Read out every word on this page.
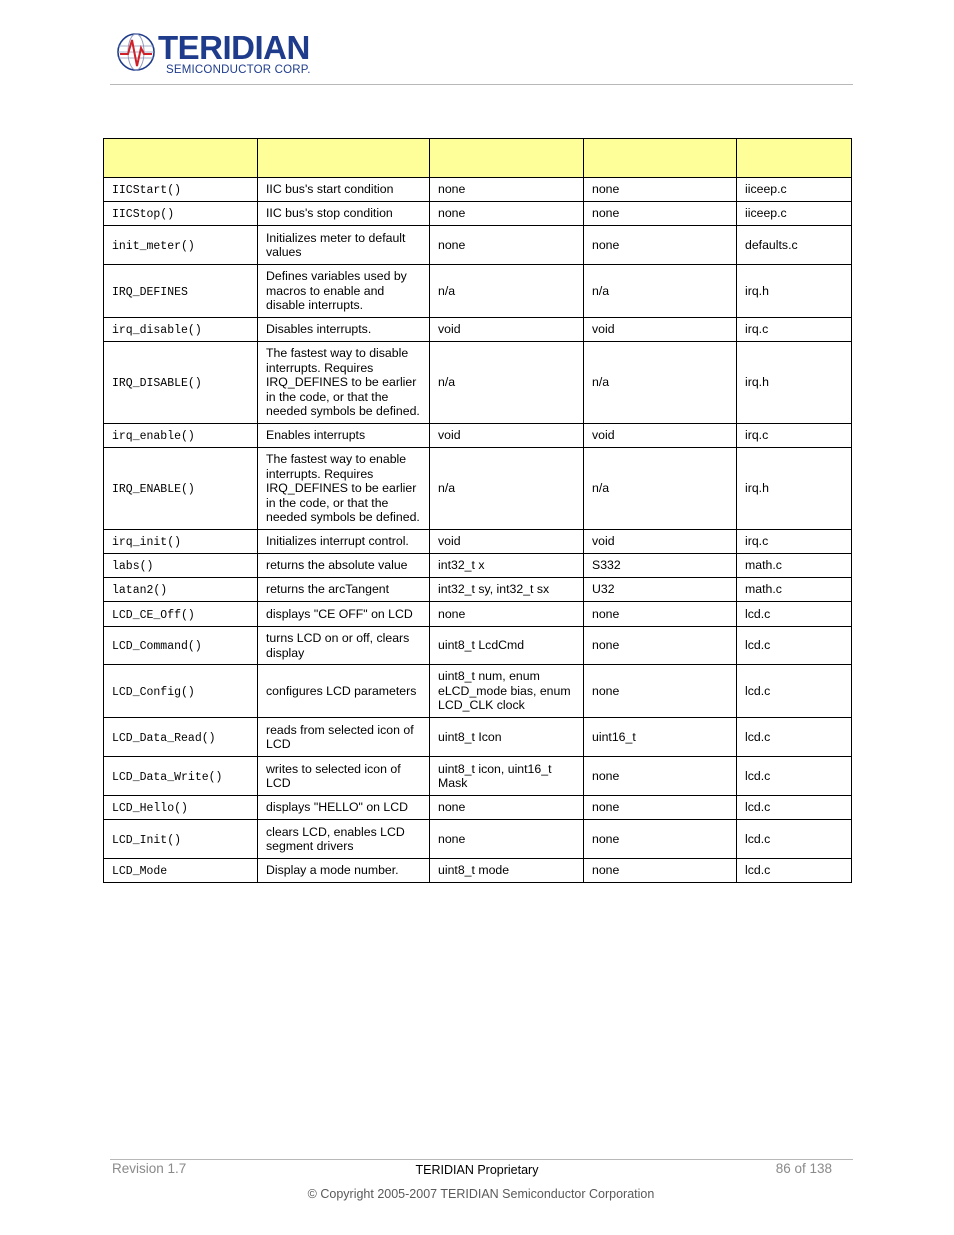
TERIDIAN
SEMICONDUCTOR CORP.

IICStart()	IIC bus's start condition	none	none	iiceep.c

IICStop()	IIC bus's stop condition	none	none	iiceep.c

init_meter()	Initializes meter to default
values	none	none	defaults.c

IRQ_DEFINES	Defines variables used by
macros to enable and
disable interrupts.	n/a	n/a	irq.h

irq_disable()	Disables interrupts.	void	void	irq.c

IRQ_DISABLE()	The fastest way to disable
interrupts. Requires
IRQ_DEFINES to be earlier
in the code, or that the
needed symbols be defined.	n/a	n/a	irq.h

irq_enable()	Enables interrupts	void	void	irq.c

IRQ_ENABLE()	The fastest way to enable
interrupts. Requires
IRQ_DEFINES to be earlier
in the code, or that the
needed symbols be defined.	n/a	n/a	irq.h

irq_init()	Initializes interrupt control.	void	void	irq.c

labs()	returns the absolute value	int32_t x	S332	math.c

latan2()	returns the arcTangent	int32_t sy, int32_t sx	U32	math.c

LCD_CE_Off()	displays "CE OFF" on LCD	none	none	lcd.c

LCD_Command()	turns LCD on or off, clears
display	uint8_t LcdCmd	none	lcd.c

LCD_Config()	configures LCD parameters	uint8_t num, enum
eLCD_mode bias, enum
LCD_CLK clock	none	lcd.c

LCD_Data_Read()	reads from selected icon of
LCD	uint8_t Icon	uint16_t	lcd.c

LCD_Data_Write()	writes to selected icon of
LCD	uint8_t icon, uint16_t
Mask	none	lcd.c

LCD_Hello()	displays "HELLO" on LCD	none	none	lcd.c

LCD_Init()	clears LCD, enables LCD
segment drivers	none	none	lcd.c

LCD_Mode	Display a mode number.	uint8_t mode	none	lcd.c
Revision 1.7	TERIDIAN Proprietary	86 of 138
© Copyright 2005-2007 TERIDIAN Semiconductor Corporation
